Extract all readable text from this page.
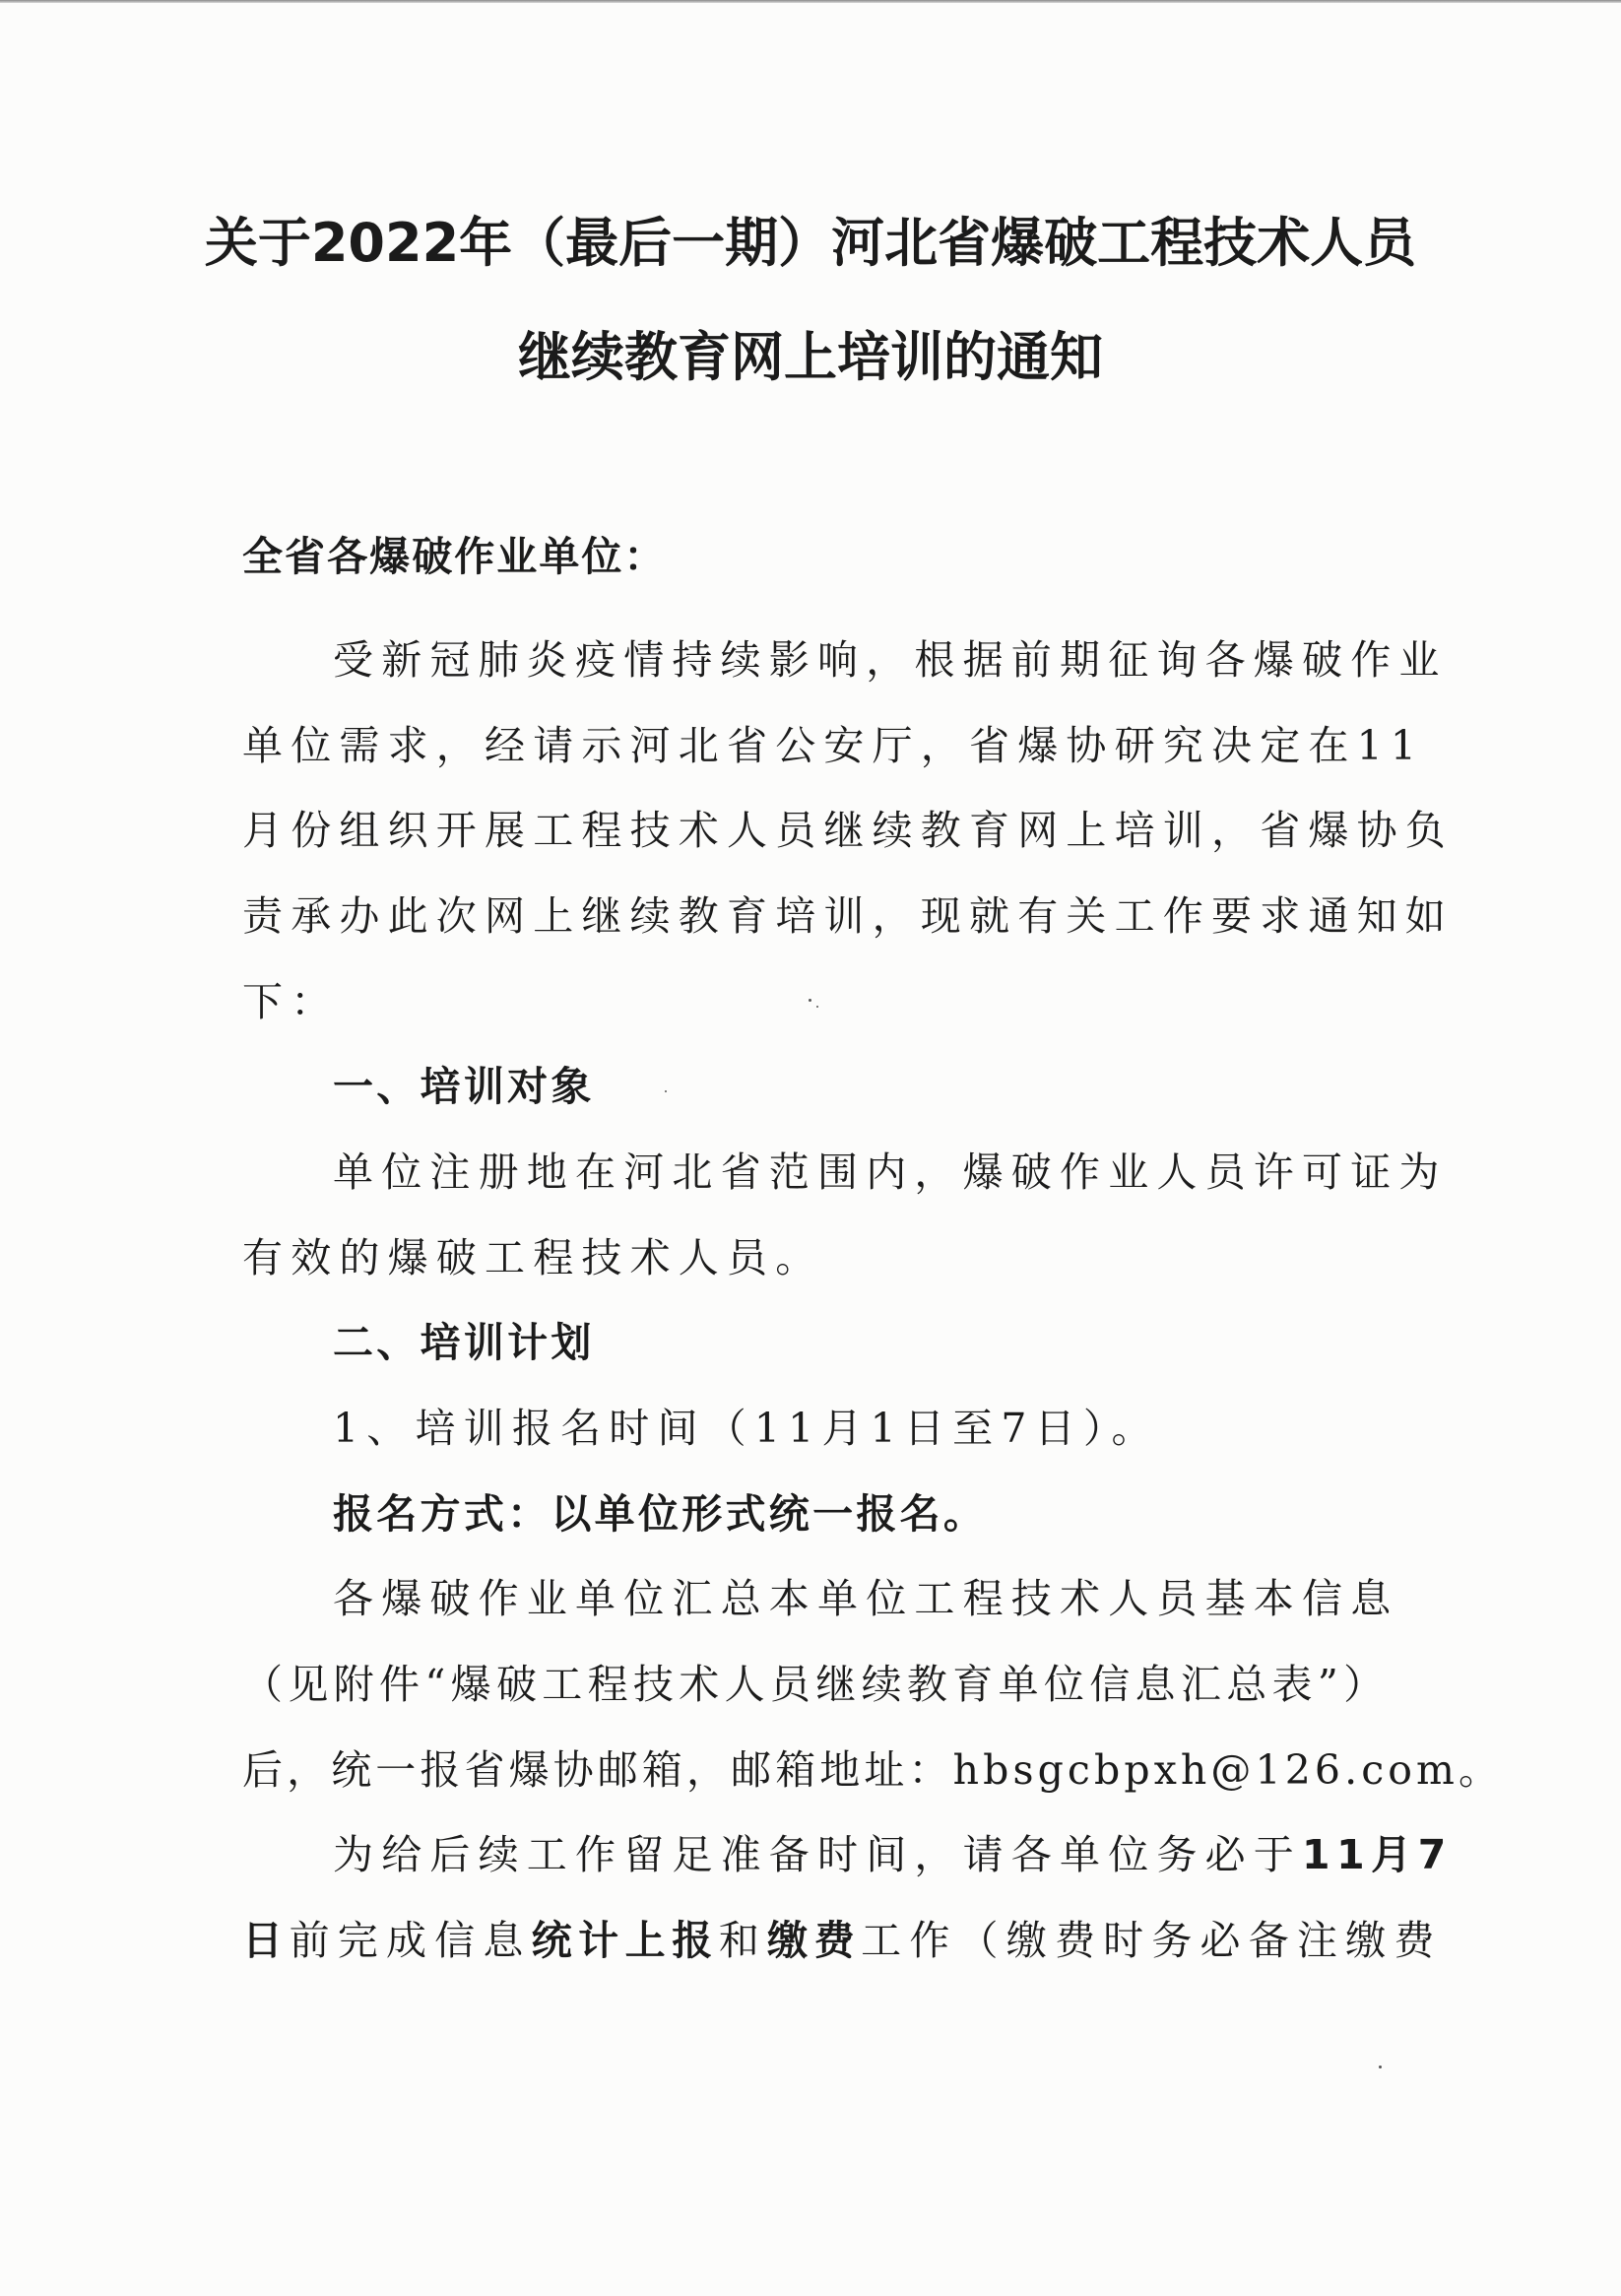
关于2022年（最后一期）河北省爆破工程技术人员
继续教育网上培训的通知
全省各爆破作业单位：
受新冠肺炎疫情持续影响，根据前期征询各爆破作业
单位需求，经请示河北省公安厅，省爆协研究决定在11
月份组织开展工程技术人员继续教育网上培训，省爆协负
责承办此次网上继续教育培训，现就有关工作要求通知如
下：
一、培训对象
单位注册地在河北省范围内，爆破作业人员许可证为
有效的爆破工程技术人员。
二、培训计划
1、培训报名时间（11月1日至7日）。
报名方式：以单位形式统一报名。
各爆破作业单位汇总本单位工程技术人员基本信息
（见附件“爆破工程技术人员继续教育单位信息汇总表”）
后，统一报省爆协邮箱，邮箱地址：hbsgcbpxh@126.com。
为给后续工作留足准备时间，请各单位务必于11月7
日前完成信息统计上报和缴费工作（缴费时务必备注缴费
